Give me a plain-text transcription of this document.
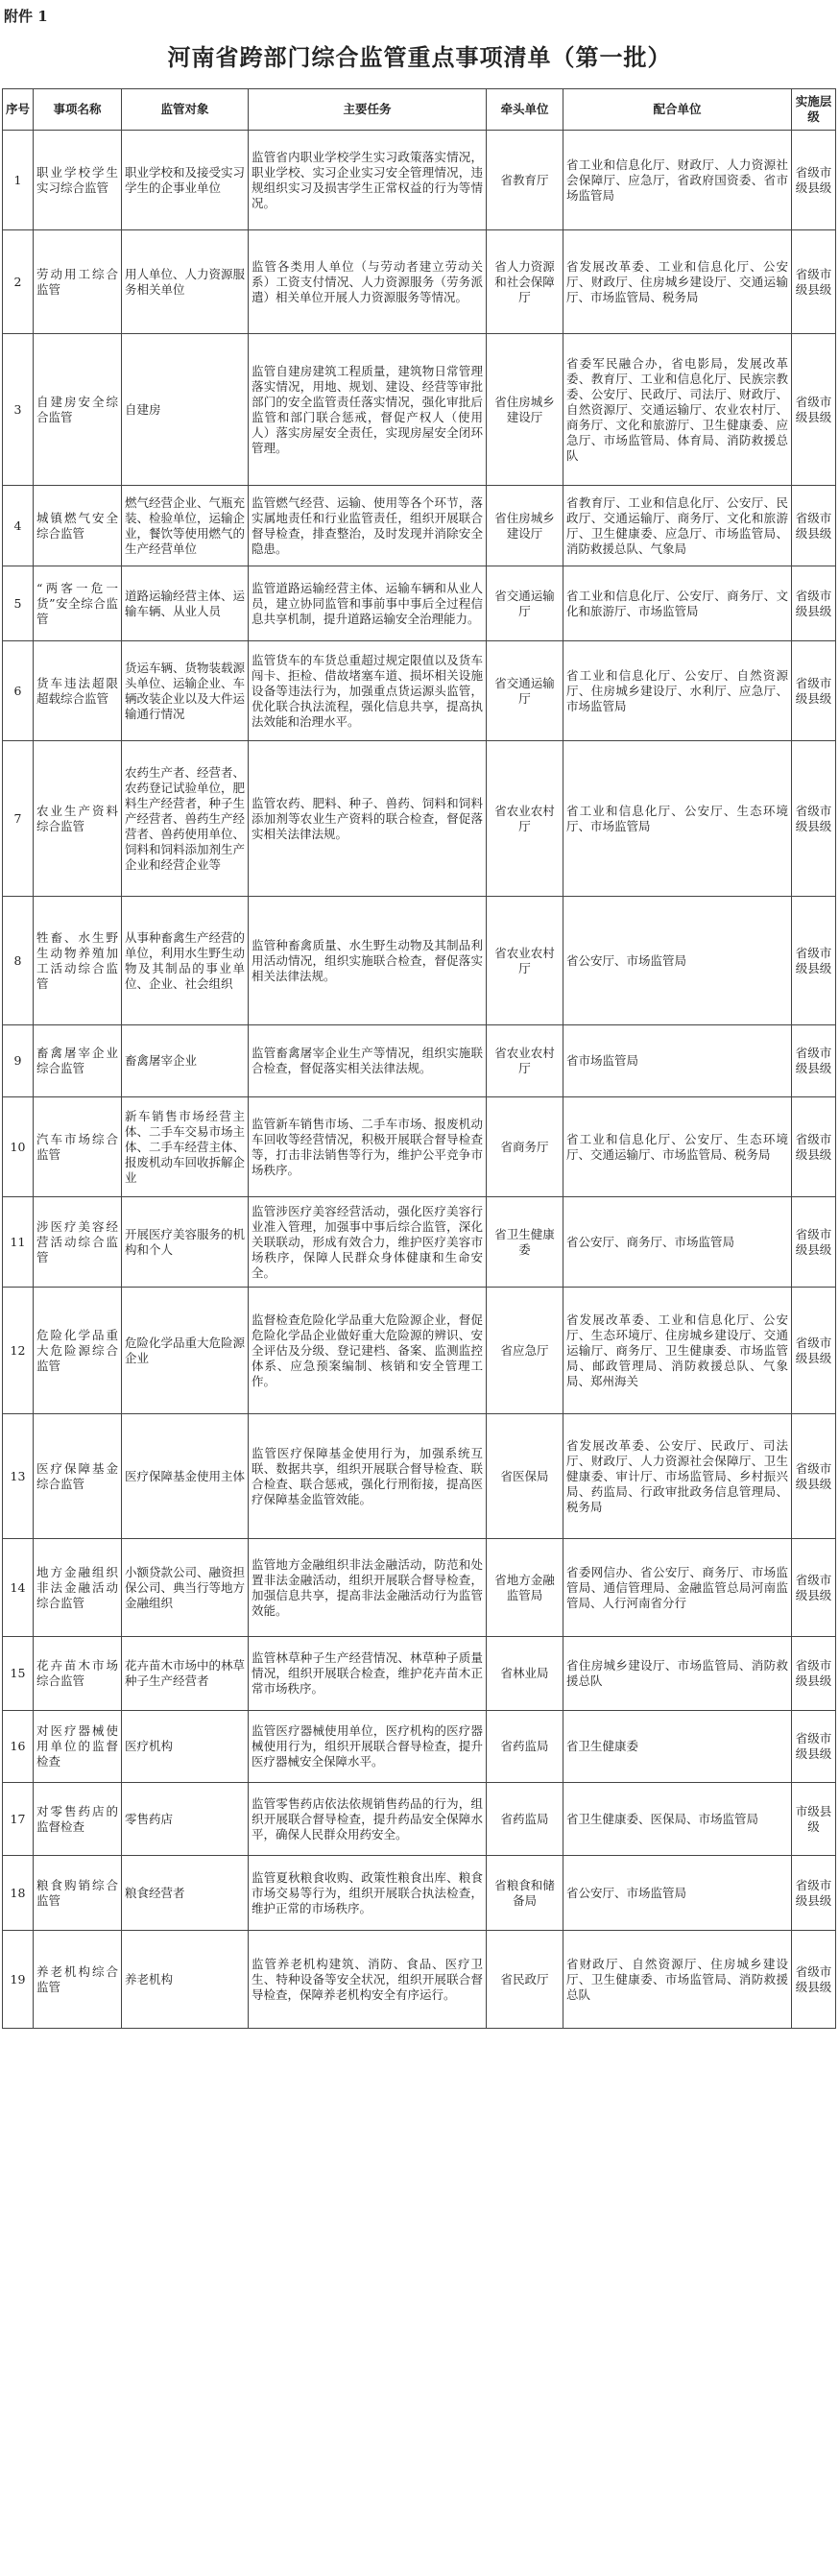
附件 1
河南省跨部门综合监管重点事项清单（第一批）
序号	事项名称	监管对象	主要任务	牵头单位	配合单位	实施层级
1	职业学校学生实习综合监管	职业学校和及接受实习学生的企事业单位	监管省内职业学校学生实习政策落实情况，职业学校、实习企业实习安全管理情况，违规组织实习及损害学生正常权益的行为等情况。	省教育厅	省工业和信息化厅、财政厅、人力资源社会保障厅、应急厅，省政府国资委、省市场监管局	省级市级县级
2	劳动用工综合监管	用人单位、人力资源服务相关单位	监管各类用人单位（与劳动者建立劳动关系）工资支付情况、人力资源服务（劳务派遣）相关单位开展人力资源服务等情况。	省人力资源和社会保障厅	省发展改革委、工业和信息化厅、公安厅、财政厅、住房城乡建设厅、交通运输厅、市场监管局、税务局	省级市级县级
3	自建房安全综合监管	自建房	监管自建房建筑工程质量，建筑物日常管理落实情况，用地、规划、建设、经营等审批部门的安全监管责任落实情况，强化审批后监管和部门联合惩戒，督促产权人（使用人）落实房屋安全责任，实现房屋安全闭环管理。	省住房城乡建设厅	省委军民融合办，省电影局，发展改革委、教育厅、工业和信息化厅、民族宗教委、公安厅、民政厅、司法厅、财政厅、自然资源厅、交通运输厅、农业农村厅、商务厅、文化和旅游厅、卫生健康委、应急厅、市场监管局、体育局、消防救援总队	省级市级县级
4	城镇燃气安全综合监管	燃气经营企业、气瓶充装、检验单位，运输企业，餐饮等使用燃气的生产经营单位	监管燃气经营、运输、使用等各个环节，落实属地责任和行业监管责任，组织开展联合督导检查，排查整治，及时发现并消除安全隐患。	省住房城乡建设厅	省教育厅、工业和信息化厅、公安厅、民政厅、交通运输厅、商务厅、文化和旅游厅、卫生健康委、应急厅、市场监管局、消防救援总队、气象局	省级市级县级
5	“两客一危一货”安全综合监管	道路运输经营主体、运输车辆、从业人员	监管道路运输经营主体、运输车辆和从业人员，建立协同监管和事前事中事后全过程信息共享机制，提升道路运输安全治理能力。	省交通运输厅	省工业和信息化厅、公安厅、商务厅、文化和旅游厅、市场监管局	省级市级县级
6	货车违法超限超载综合监管	货运车辆、货物装载源头单位、运输企业、车辆改装企业以及大件运输通行情况	监管货车的车货总重超过规定限值以及货车闯卡、拒检、借故堵塞车道、损坏相关设施设备等违法行为，加强重点货运源头监管，优化联合执法流程，强化信息共享，提高执法效能和治理水平。	省交通运输厅	省工业和信息化厅、公安厅、自然资源厅、住房城乡建设厅、水利厅、应急厅、市场监管局	省级市级县级
7	农业生产资料综合监管	农药生产者、经营者、农药登记试验单位，肥料生产经营者，种子生产经营者、兽药生产经营者、兽药使用单位、饲料和饲料添加剂生产企业和经营企业等	监管农药、肥料、种子、兽药、饲料和饲料添加剂等农业生产资料的联合检查，督促落实相关法律法规。	省农业农村厅	省工业和信息化厅、公安厅、生态环境厅、市场监管局	省级市级县级
8	牲畜、水生野生动物养殖加工活动综合监管	从事种畜禽生产经营的单位，利用水生野生动物及其制品的事业单位、企业、社会组织	监管种畜禽质量、水生野生动物及其制品利用活动情况，组织实施联合检查，督促落实相关法律法规。	省农业农村厅	省公安厅、市场监管局	省级市级县级
9	畜禽屠宰企业综合监管	畜禽屠宰企业	监管畜禽屠宰企业生产等情况，组织实施联合检查，督促落实相关法律法规。	省农业农村厅	省市场监管局	省级市级县级
10	汽车市场综合监管	新车销售市场经营主体、二手车交易市场主体、二手车经营主体、报废机动车回收拆解企业	监管新车销售市场、二手车市场、报废机动车回收等经营情况，积极开展联合督导检查等，打击非法销售等行为，维护公平竞争市场秩序。	省商务厅	省工业和信息化厅、公安厅、生态环境厅、交通运输厅、市场监管局、税务局	省级市级县级
11	涉医疗美容经营活动综合监管	开展医疗美容服务的机构和个人	监管涉医疗美容经营活动，强化医疗美容行业准入管理，加强事中事后综合监管，深化关联联动，形成有效合力，维护医疗美容市场秩序，保障人民群众身体健康和生命安全。	省卫生健康委	省公安厅、商务厅、市场监管局	省级市级县级
12	危险化学品重大危险源综合监管	危险化学品重大危险源企业	监督检查危险化学品重大危险源企业，督促危险化学品企业做好重大危险源的辨识、安全评估及分级、登记建档、备案、监测监控体系、应急预案编制、核销和安全管理工作。	省应急厅	省发展改革委、工业和信息化厅、公安厅、生态环境厅、住房城乡建设厅、交通运输厅、商务厅、卫生健康委、市场监管局、邮政管理局、消防救援总队、气象局、郑州海关	省级市级县级
13	医疗保障基金综合监管	医疗保障基金使用主体	监管医疗保障基金使用行为，加强系统互联、数据共享，组织开展联合督导检查、联合检查、联合惩戒，强化行刑衔接，提高医疗保障基金监管效能。	省医保局	省发展改革委、公安厅、民政厅、司法厅、财政厅、人力资源社会保障厅、卫生健康委、审计厅、市场监管局、乡村振兴局、药监局、行政审批政务信息管理局、税务局	省级市级县级
14	地方金融组织非法金融活动综合监管	小额贷款公司、融资担保公司、典当行等地方金融组织	监管地方金融组织非法金融活动，防范和处置非法金融活动，组织开展联合督导检查，加强信息共享，提高非法金融活动行为监管效能。	省地方金融监管局	省委网信办、省公安厅、商务厅、市场监管局、通信管理局、金融监管总局河南监管局、人行河南省分行	省级市级县级
15	花卉苗木市场综合监管	花卉苗木市场中的林草种子生产经营者	监管林草种子生产经营情况、林草种子质量情况，组织开展联合检查，维护花卉苗木正常市场秩序。	省林业局	省住房城乡建设厅、市场监管局、消防救援总队	省级市级县级
16	对医疗器械使用单位的监督检查	医疗机构	监管医疗器械使用单位，医疗机构的医疗器械使用行为，组织开展联合督导检查，提升医疗器械安全保障水平。	省药监局	省卫生健康委	省级市级县级
17	对零售药店的监督检查	零售药店	监管零售药店依法依规销售药品的行为，组织开展联合督导检查，提升药品安全保障水平，确保人民群众用药安全。	省药监局	省卫生健康委、医保局、市场监管局	市级县级
18	粮食购销综合监管	粮食经营者	监管夏秋粮食收购、政策性粮食出库、粮食市场交易等行为，组织开展联合执法检查，维护正常的市场秩序。	省粮食和储备局	省公安厅、市场监管局	省级市级县级
19	养老机构综合监管	养老机构	监管养老机构建筑、消防、食品、医疗卫生、特种设备等安全状况，组织开展联合督导检查，保障养老机构安全有序运行。	省民政厅	省财政厅、自然资源厅、住房城乡建设厅、卫生健康委、市场监管局、消防救援总队	省级市级县级
